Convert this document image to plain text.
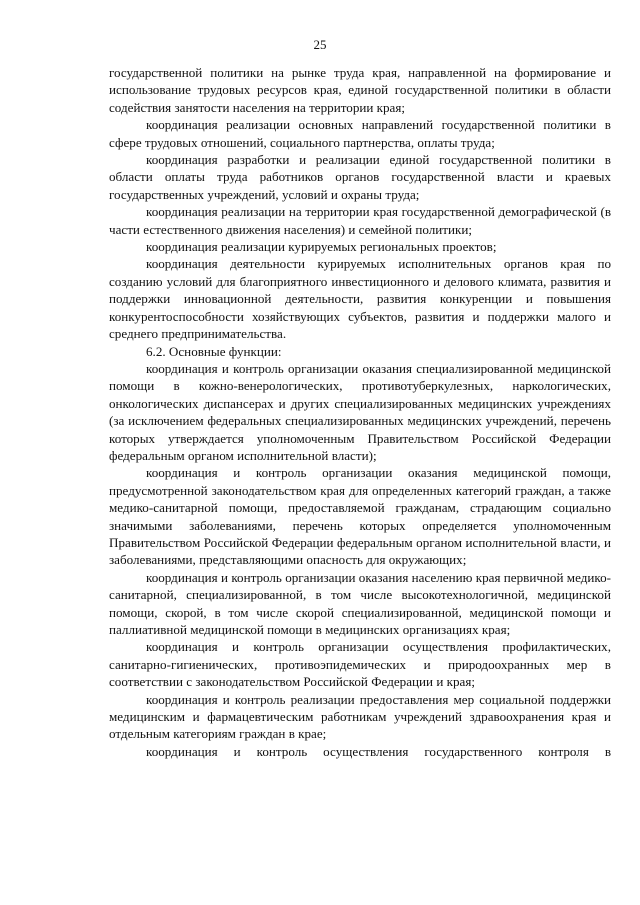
25

государственной политики на рынке труда края, направленной на формирование и использование трудовых ресурсов края, единой государственной политики в области содействия занятости населения на территории края;

координация реализации основных направлений государственной политики в сфере трудовых отношений, социального партнерства, оплаты труда;

координация разработки и реализации единой государственной политики в области оплаты труда работников органов государственной власти и краевых государственных учреждений, условий и охраны труда;

координация реализации на территории края государственной демографической (в части естественного движения населения) и семейной политики;

координация реализации курируемых региональных проектов;

координация деятельности курируемых исполнительных органов края по созданию условий для благоприятного инвестиционного и делового климата, развития и поддержки инновационной деятельности, развития конкуренции и повышения конкурентоспособности хозяйствующих субъектов, развития и поддержки малого и среднего предпринимательства.

6.2. Основные функции:

координация и контроль организации оказания специализированной медицинской помощи в кожно-венерологических, противотуберкулезных, наркологических, онкологических диспансерах и других специализированных медицинских учреждениях (за исключением федеральных специализированных медицинских учреждений, перечень которых утверждается уполномоченным Правительством Российской Федерации федеральным органом исполнительной власти);

координация и контроль организации оказания медицинской помощи, предусмотренной законодательством края для определенных категорий граждан, а также медико-санитарной помощи, предоставляемой гражданам, страдающим социально значимыми заболеваниями, перечень которых определяется уполномоченным Правительством Российской Федерации федеральным органом исполнительной власти, и заболеваниями, представляющими опасность для окружающих;

координация и контроль организации оказания населению края первичной медико-санитарной, специализированной, в том числе высокотехнологичной, медицинской помощи, скорой, в том числе скорой специализированной, медицинской помощи и паллиативной медицинской помощи в медицинских организациях края;

координация и контроль организации осуществления профилактических, санитарно-гигиенических, противоэпидемических и природоохранных мер в соответствии с законодательством Российской Федерации и края;

координация и контроль реализации предоставления мер социальной поддержки медицинским и фармацевтическим работникам учреждений здравоохранения края и отдельным категориям граждан в крае;

координация и контроль осуществления государственного контроля в
